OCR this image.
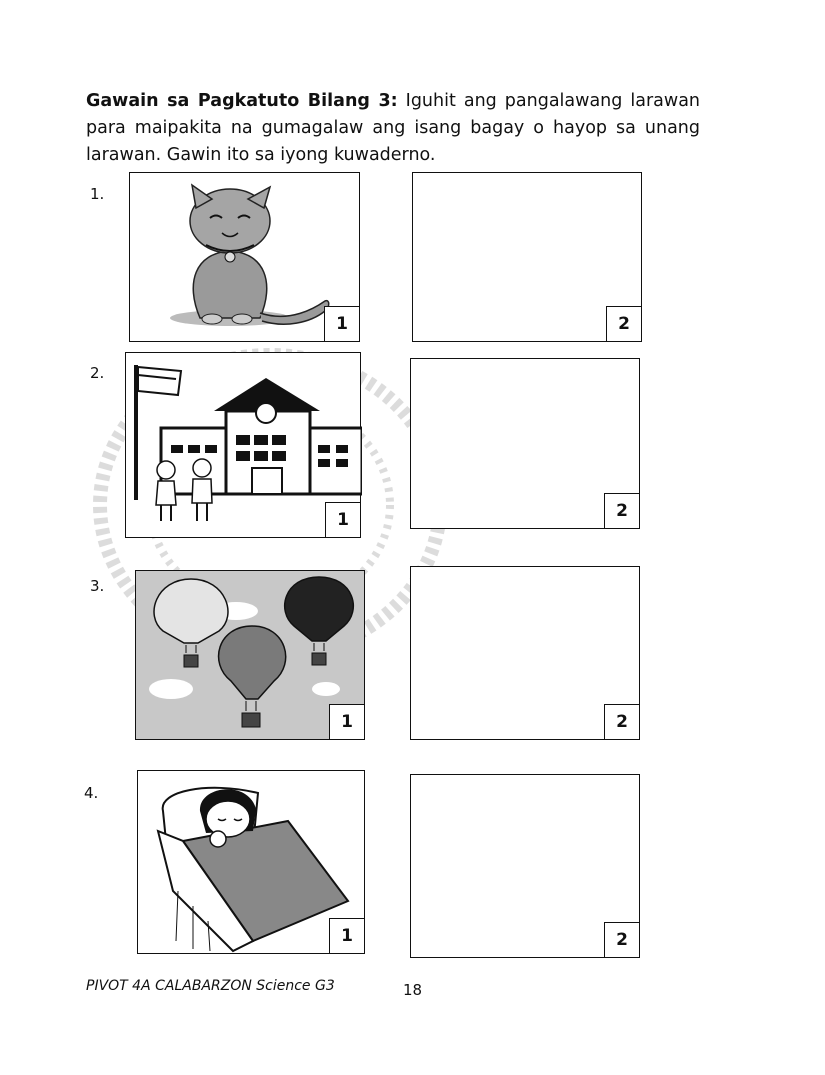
Gawain sa Pagkatuto Bilang 3: Iguhit ang pangalawang larawan para maipakita na gumagalaw ang isang bagay o hayop sa unang larawan. Gawin ito sa iyong kuwaderno.
1.
1	2
2.
1	2
3.
1	2
4.
1	2
PIVOT 4A CALABARZON Science G3	18
